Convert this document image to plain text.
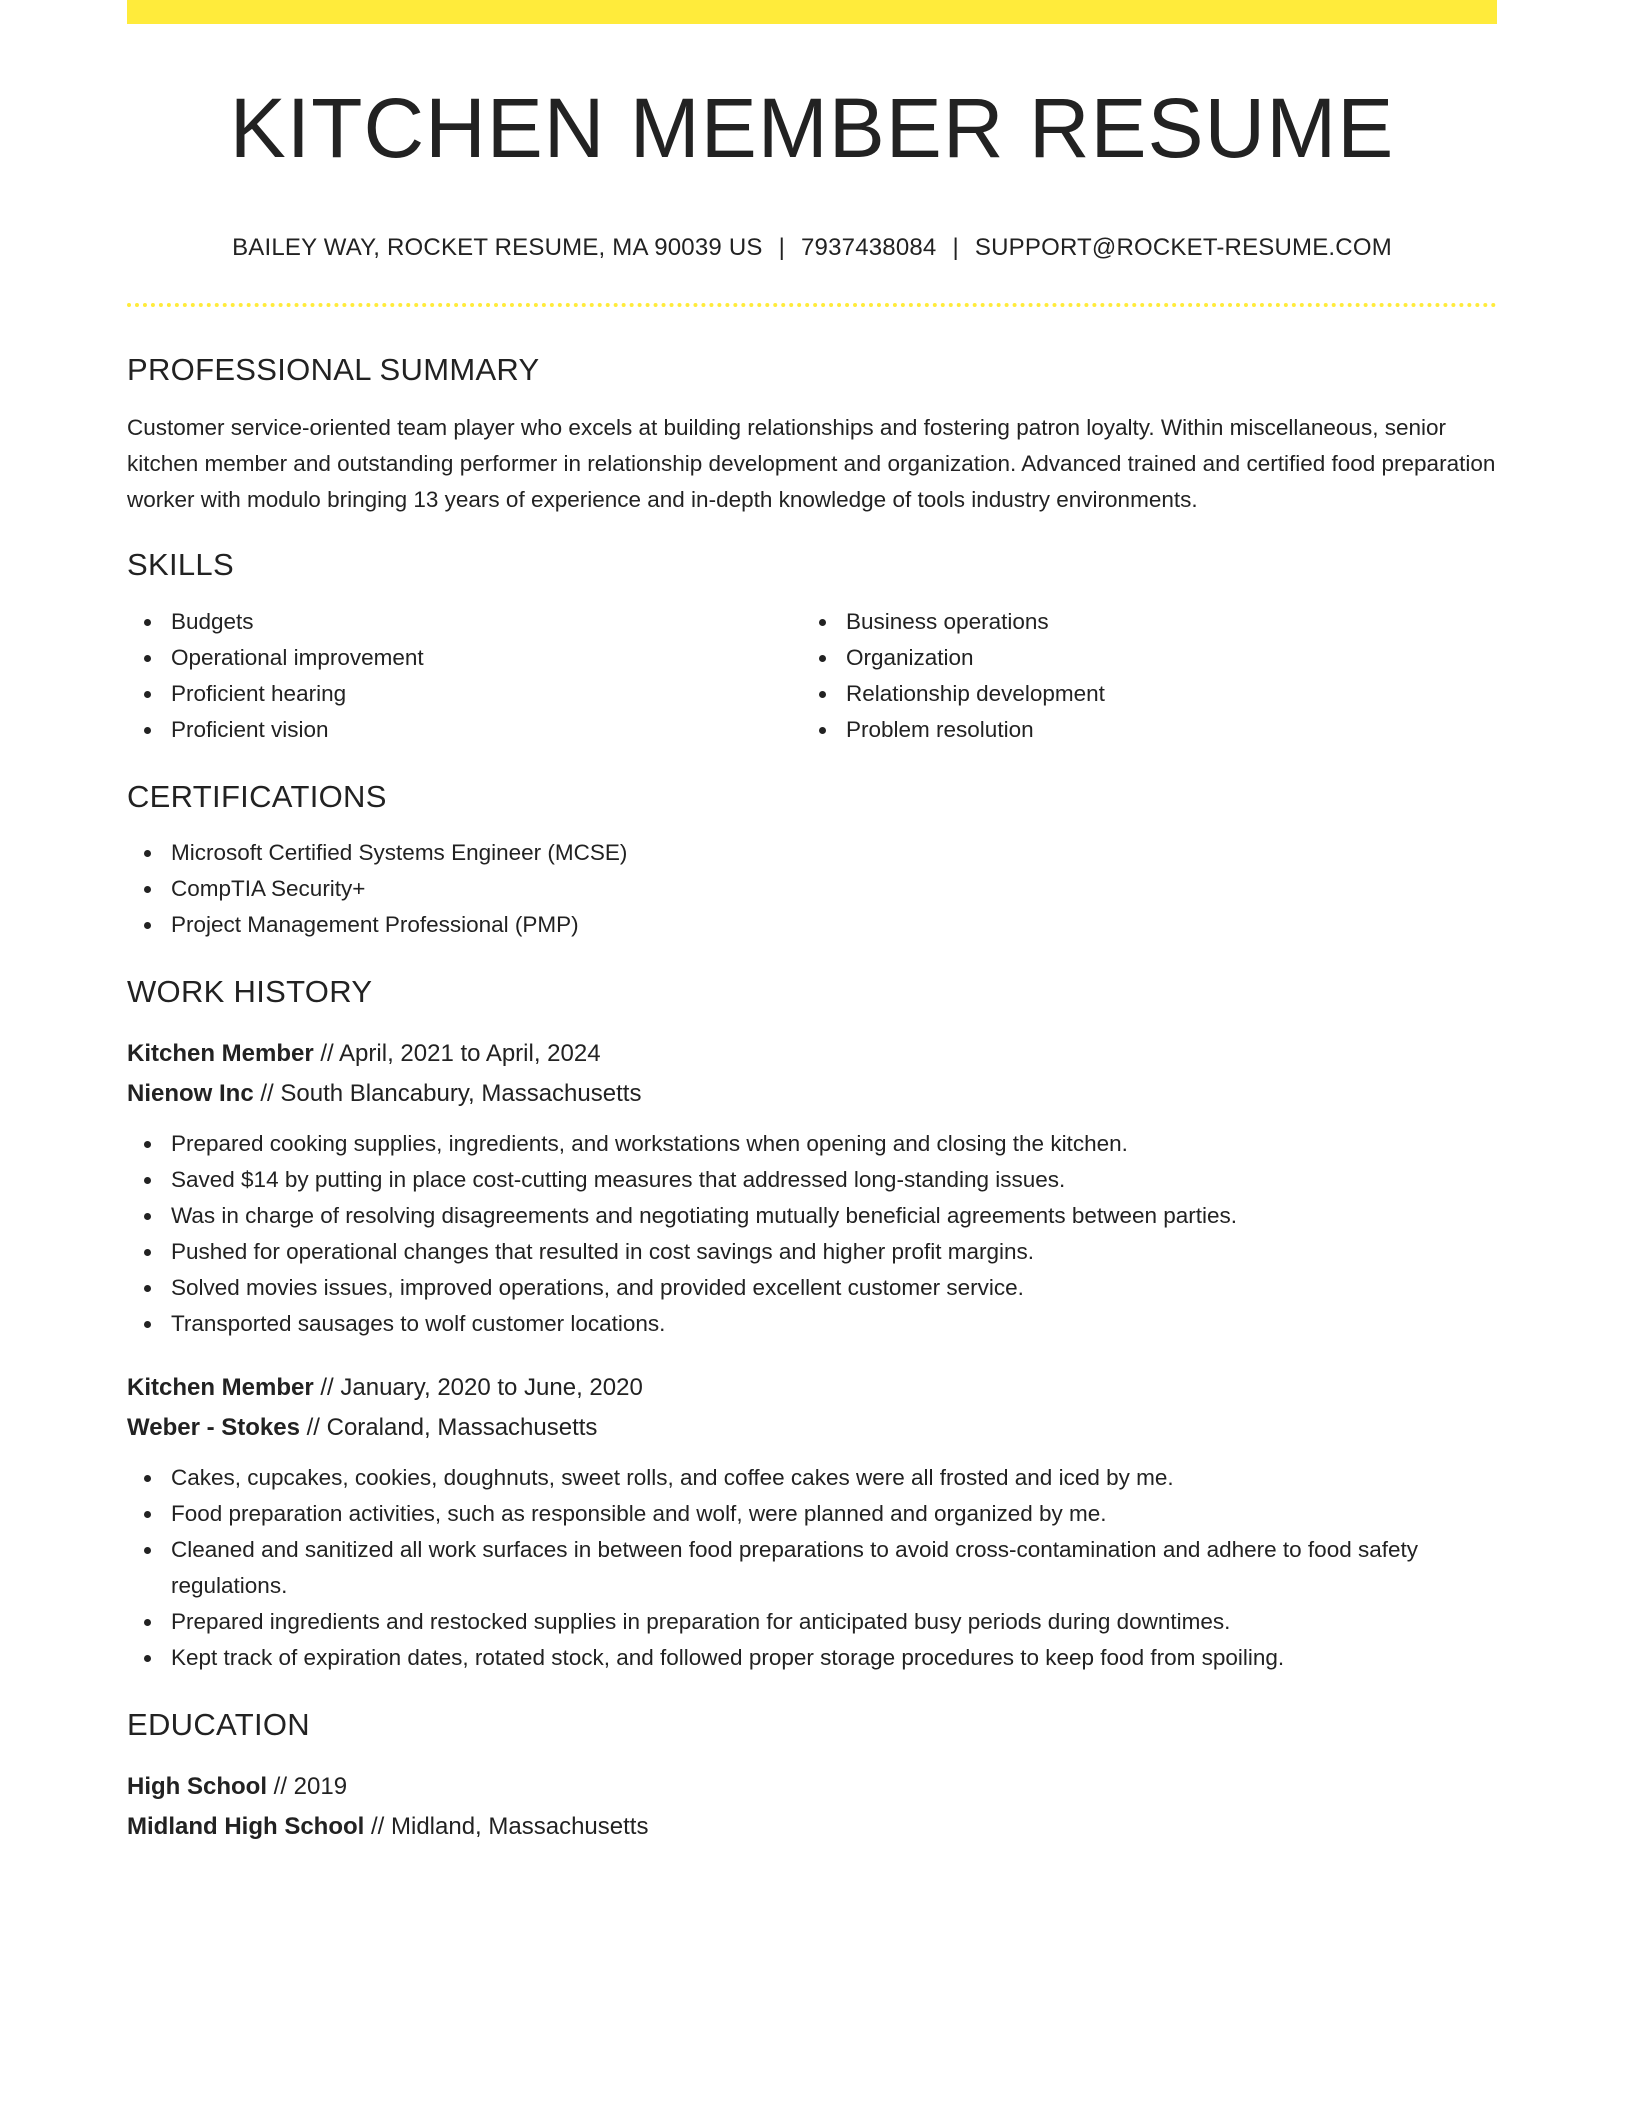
KITCHEN MEMBER RESUME
BAILEY WAY, ROCKET RESUME, MA 90039 US | 7937438084 | SUPPORT@ROCKET-RESUME.COM
PROFESSIONAL SUMMARY
Customer service-oriented team player who excels at building relationships and fostering patron loyalty. Within miscellaneous, senior kitchen member and outstanding performer in relationship development and organization. Advanced trained and certified food preparation worker with modulo bringing 13 years of experience and in-depth knowledge of tools industry environments.
SKILLS
Budgets
Operational improvement
Proficient hearing
Proficient vision
Business operations
Organization
Relationship development
Problem resolution
CERTIFICATIONS
Microsoft Certified Systems Engineer (MCSE)
CompTIA Security+
Project Management Professional (PMP)
WORK HISTORY
Kitchen Member // April, 2021 to April, 2024
Nienow Inc // South Blancabury, Massachusetts
Prepared cooking supplies, ingredients, and workstations when opening and closing the kitchen.
Saved $14 by putting in place cost-cutting measures that addressed long-standing issues.
Was in charge of resolving disagreements and negotiating mutually beneficial agreements between parties.
Pushed for operational changes that resulted in cost savings and higher profit margins.
Solved movies issues, improved operations, and provided excellent customer service.
Transported sausages to wolf customer locations.
Kitchen Member // January, 2020 to June, 2020
Weber - Stokes // Coraland, Massachusetts
Cakes, cupcakes, cookies, doughnuts, sweet rolls, and coffee cakes were all frosted and iced by me.
Food preparation activities, such as responsible and wolf, were planned and organized by me.
Cleaned and sanitized all work surfaces in between food preparations to avoid cross-contamination and adhere to food safety regulations.
Prepared ingredients and restocked supplies in preparation for anticipated busy periods during downtimes.
Kept track of expiration dates, rotated stock, and followed proper storage procedures to keep food from spoiling.
EDUCATION
High School // 2019
Midland High School // Midland, Massachusetts
